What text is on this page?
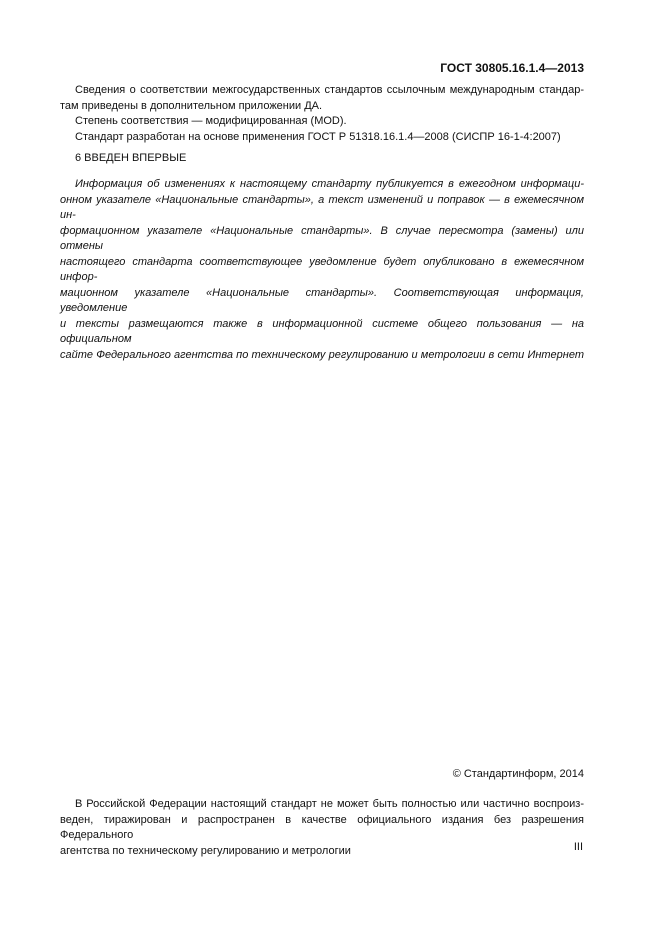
ГОСТ 30805.16.1.4—2013
Сведения о соответствии межгосударственных стандартов ссылочным международным стандар-
там приведены в дополнительном приложении ДА.
Степень соответствия — модифицированная (MOD).
Стандарт разработан на основе применения ГОСТ Р 51318.16.1.4—2008 (СИСПР 16-1-4:2007)
6 ВВЕДЕН ВПЕРВЫЕ
Информация об изменениях к настоящему стандарту публикуется в ежегодном информаци-
онном указателе «Национальные стандарты», а текст изменений и поправок — в ежемесячном ин-
формационном указателе «Национальные стандарты». В случае пересмотра (замены) или отмены
настоящего стандарта соответствующее уведомление будет опубликовано в ежемесячном инфор-
мационном указателе «Национальные стандарты». Соответствующая информация, уведомление
и тексты размещаются также в информационной системе общего пользования — на официальном
сайте Федерального агентства по техническому регулированию и метрологии в сети Интернет
© Стандартинформ, 2014
В Российской Федерации настоящий стандарт не может быть полностью или частично воспроиз-
веден, тиражирован и распространен в качестве официального издания без разрешения Федерального
агентства по техническому регулированию и метрологии	III
